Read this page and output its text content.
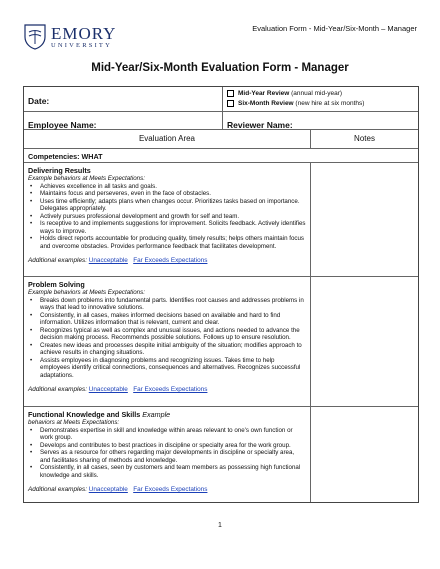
EMORY
UNIVERSITY
Evaluation Form - Mid-Year/Six-Month – Manager
Mid-Year/Six-Month Evaluation Form - Manager
Date:
Mid-Year Review (annual mid-year)
Six-Month Review (new hire at six months)
Employee Name:	Reviewer Name:
Evaluation Area	Notes
Competencies: WHAT
Delivering Results
Example behaviors at Meets Expectations:
• Achieves excellence in all tasks and goals.
• Maintains focus and perseveres, even in the face of obstacles.
• Uses time efficiently; adapts plans when changes occur. Prioritizes tasks based on importance. Delegates appropriately.
• Actively pursues professional development and growth for self and team.
• Is receptive to and implements suggestions for improvement. Solicits feedback. Actively identifies ways to improve.
• Holds direct reports accountable for producing quality, timely results; helps others maintain focus and overcome obstacles. Provides performance feedback that facilitates development.
Additional examples: Unacceptable Far Exceeds Expectations
Problem Solving
Example behaviors at Meets Expectations:
• Breaks down problems into fundamental parts. Identifies root causes and addresses problems in ways that lead to innovative solutions.
• Consistently, in all cases, makes informed decisions based on available and hard to find information. Utilizes information that is relevant, current and clear.
• Recognizes typical as well as complex and unusual issues, and actions needed to advance the decision making process. Recommends possible solutions. Follows up to ensure resolution.
• Creates new ideas and processes despite initial ambiguity of the situation; modifies approach to achieve results in changing situations.
• Assists employees in diagnosing problems and recognizing issues. Takes time to help employees identify critical connections, consequences and alternatives. Recognizes successful adaptations.
Additional examples: Unacceptable Far Exceeds Expectations
Functional Knowledge and Skills Example
behaviors at Meets Expectations:
• Demonstrates expertise in skill and knowledge within areas relevant to one's own function or work group.
• Develops and contributes to best practices in discipline or specialty area for the work group.
• Serves as a resource for others regarding major developments in discipline or specialty area, and facilitates sharing of methods and knowledge.
• Consistently, in all cases, seen by customers and team members as possessing high functional knowledge and skills.
Additional examples: Unacceptable Far Exceeds Expectations
1
